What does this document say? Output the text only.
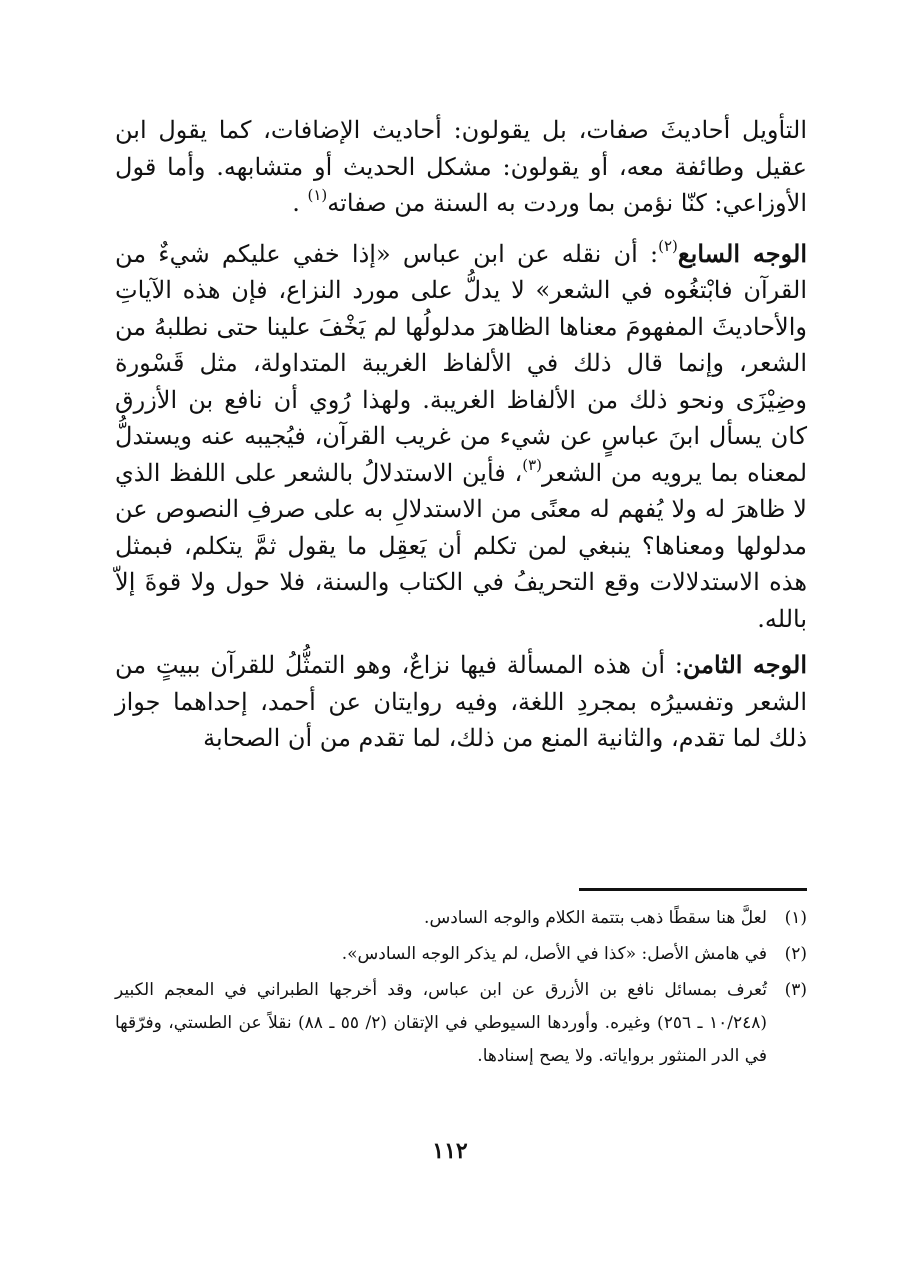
التأويل أحاديثَ صفات، بل يقولون: أحاديث الإضافات، كما يقول ابن عقيل وطائفة معه، أو يقولون: مشكل الحديث أو متشابهه. وأما قول الأوزاعي: كنّا نؤمن بما وردت به السنة من صفاته$^{(١)}$ .

الوجه السابع$^{(٢)}$: أن نقله عن ابن عباس «إذا خفي عليكم شيءٌ من القرآن فابْتغُوه في الشعر» لا يدلُّ على مورد النزاع، فإن هذه الآياتِ والأحاديثَ المفهومَ معناها الظاهرَ مدلولُها لم يَخْفَ علينا حتى نطلبهُ من الشعر، وإنما قال ذلك في الألفاظ الغريبة المتداولة، مثل قَسْورة وضِيْزَى ونحو ذلك من الألفاظ الغريبة. ولهذا رُوي أن نافع بن الأزرق كان يسأل ابنَ عباسٍ عن شيء من غريب القرآن، فيُجيبه عنه ويستدلُّ لمعناه بما يرويه من الشعر$^{(٣)}$، فأين الاستدلالُ بالشعر على اللفظ الذي لا ظاهرَ له ولا يُفهم له معنًى من الاستدلالِ به على صرفِ النصوص عن مدلولها ومعناها؟ ينبغي لمن تكلم أن يَعقِل ما يقول ثمَّ يتكلم، فبمثل هذه الاستدلالات وقع التحريفُ في الكتاب والسنة، فلا حول ولا قوةَ إلاّ بالله.

الوجه الثامن: أن هذه المسألة فيها نزاعٌ، وهو التمثُّلُ للقرآن ببيتٍ من الشعر وتفسيرُه بمجردِ اللغة، وفيه روايتان عن أحمد، إحداهما جواز ذلك لما تقدم، والثانية المنع من ذلك، لما تقدم من أن الصحابة

(١)
لعلَّ هنا سقطًا ذهب بتتمة الكلام والوجه السادس.
(٢)
في هامش الأصل: «كذا في الأصل، لم يذكر الوجه السادس».
(٣)
تُعرف بمسائل نافع بن الأزرق عن ابن عباس، وقد أخرجها الطبراني في المعجم الكبير (١٠/٢٤٨ ـ ٢٥٦) وغيره. وأوردها السيوطي في الإتقان (٢/ ٥٥ ـ ٨٨) نقلاً عن الطستي، وفرّقها في الدر المنثور برواياته. ولا يصح إسنادها.
١١٢
